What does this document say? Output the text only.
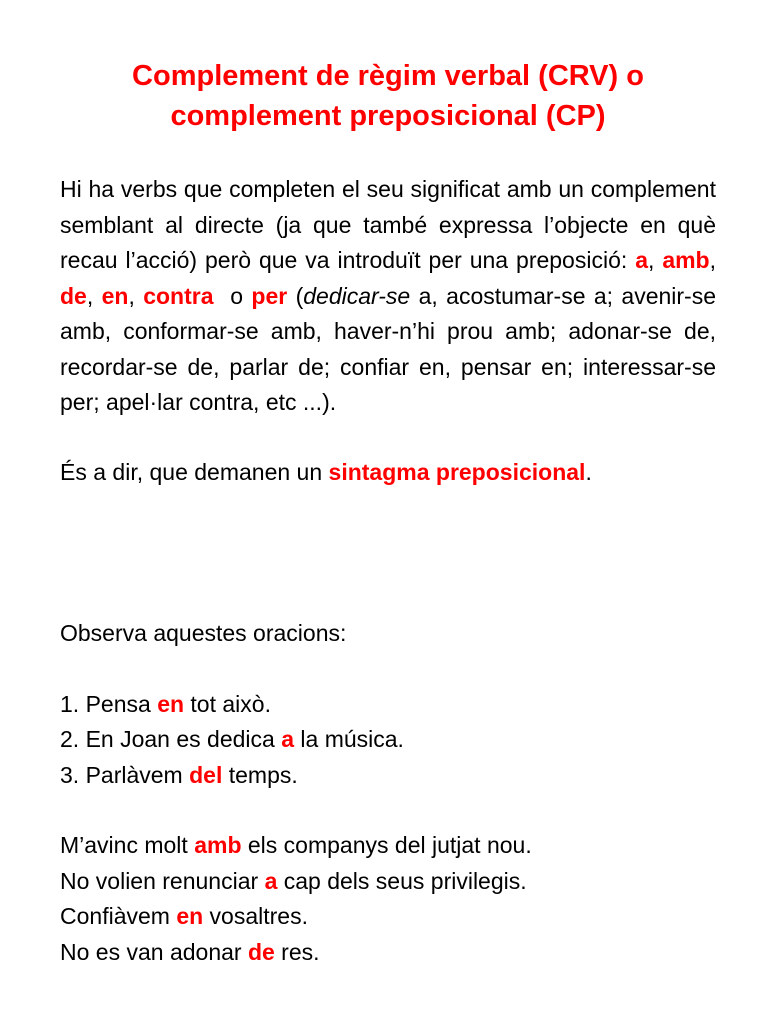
Complement de règim verbal (CRV) o
complement preposicional (CP)

Hi ha verbs que completen el seu significat amb un complement semblant al directe (ja que també expressa l’objecte en què recau l’acció) però que va introduït per una preposició: a, amb, de, en, contra  o per (dedicar-se a, acostumar-se a; avenir-se amb, conformar-se amb, haver-n’hi prou amb; adonar-se de, recordar-se de, parlar de; confiar en, pensar en; interessar-se per; apel·lar contra, etc ...).

És a dir, que demanen un sintagma preposicional.

Observa aquestes oracions:

1. Pensa en tot això.
2. En Joan es dedica a la música.
3. Parlàvem del temps.
M’avinc molt amb els companys del jutjat nou.
No volien renunciar a cap dels seus privilegis.
Confiàvem en vosaltres.
No es van adonar de res.
